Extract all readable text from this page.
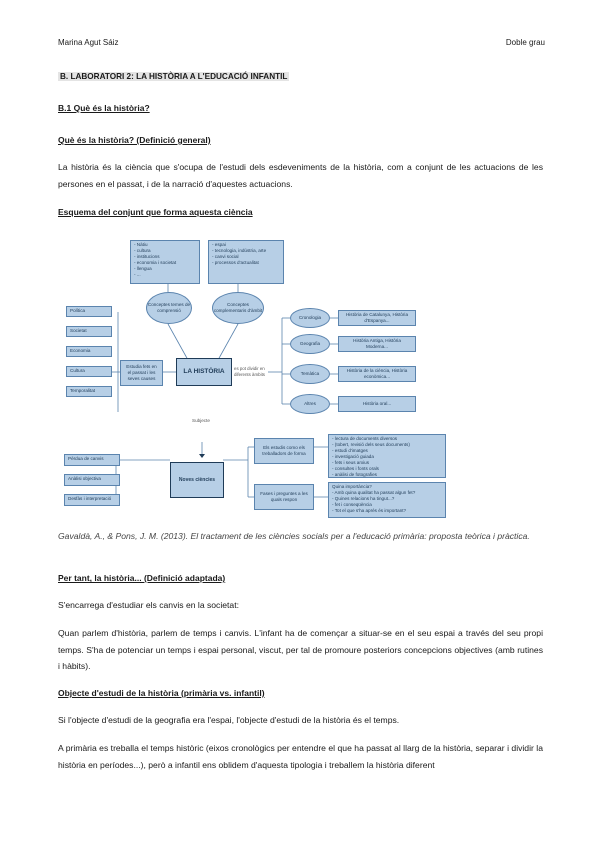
Marina Agut Sáiz	Doble grau
B. LABORATORI 2: LA HISTÒRIA A L'EDUCACIÓ INFANTIL
B.1 Què és la història?
Què és la història? (Definició general)

La història és la ciència que s'ocupa de l'estudi dels esdeveniments de la història, com a conjunt de les actuacions de les persones en el passat, i de la narració d'aquestes actuacions.

Esquema del conjunt que forma aquesta ciència
- Nàtiu
- cultura
- institucions
- economia i societat
- llengua
- ...
- espai
- tecnologia, indústria, arte
- canvi social
- processos d'actualitat
Conceptes temes de comprensió
Conceptes complementaris d'àmbit
Política
Societat
Economia
Cultura
Temporalitat
Estudia fets en el passat i les seves causes
LA HISTÒRIA	es pot dividir en diferents àmbits
Subjecte
Cronologia
Geografia
Temàtica
Altres
Història de Catalunya, Història d'Espanya...
Història Antiga, Història Moderna...
Història de la ciència, Història econòmica...
Història oral...
Pèrdua de canvis
Anàlisi objectiva
Desfàs i interpretació
Noves ciències
Els estudis como els treballadors de forma
Fases i preguntes a les quals respon
- lectura de documents diversos
- (tobert, revisió dels seus documents)
- estudi d'imatges
- investigació guiada
- fets i seus arxius
- consultes i fonts orals
- anàlisi de fotografies
Quina importància?
- Amb quina qualitat ha passat algun fet?
- Quines relacions ha tingut...?
- fet i conseqüència
- Tot el que s'ha aprés és important?

Gavaldà, A., & Pons, J. M. (2013). El tractament de les ciències socials per a l'educació primària: proposta teòrica i pràctica.

Per tant, la història... (Definició adaptada)
S'encarrega d'estudiar els canvis en la societat:

Quan parlem d'història, parlem de temps i canvis. L'infant ha de començar a situar-se en el seu espai a través del seu propi temps. S'ha de potenciar un temps i espai personal, viscut, per tal de promoure posteriors concepcions objectives (amb rutines i hàbits).

Objecte d'estudi de la història (primària vs. infantil)

Si l'objecte d'estudi de la geografia era l'espai, l'objecte d'estudi de la història és el temps.

A primària es treballa el temps històric (eixos cronològics per entendre el que ha passat al llarg de la història, separar i dividir la història en períodes...), però a infantil ens oblidem d'aquesta tipologia i treballem la història diferent
